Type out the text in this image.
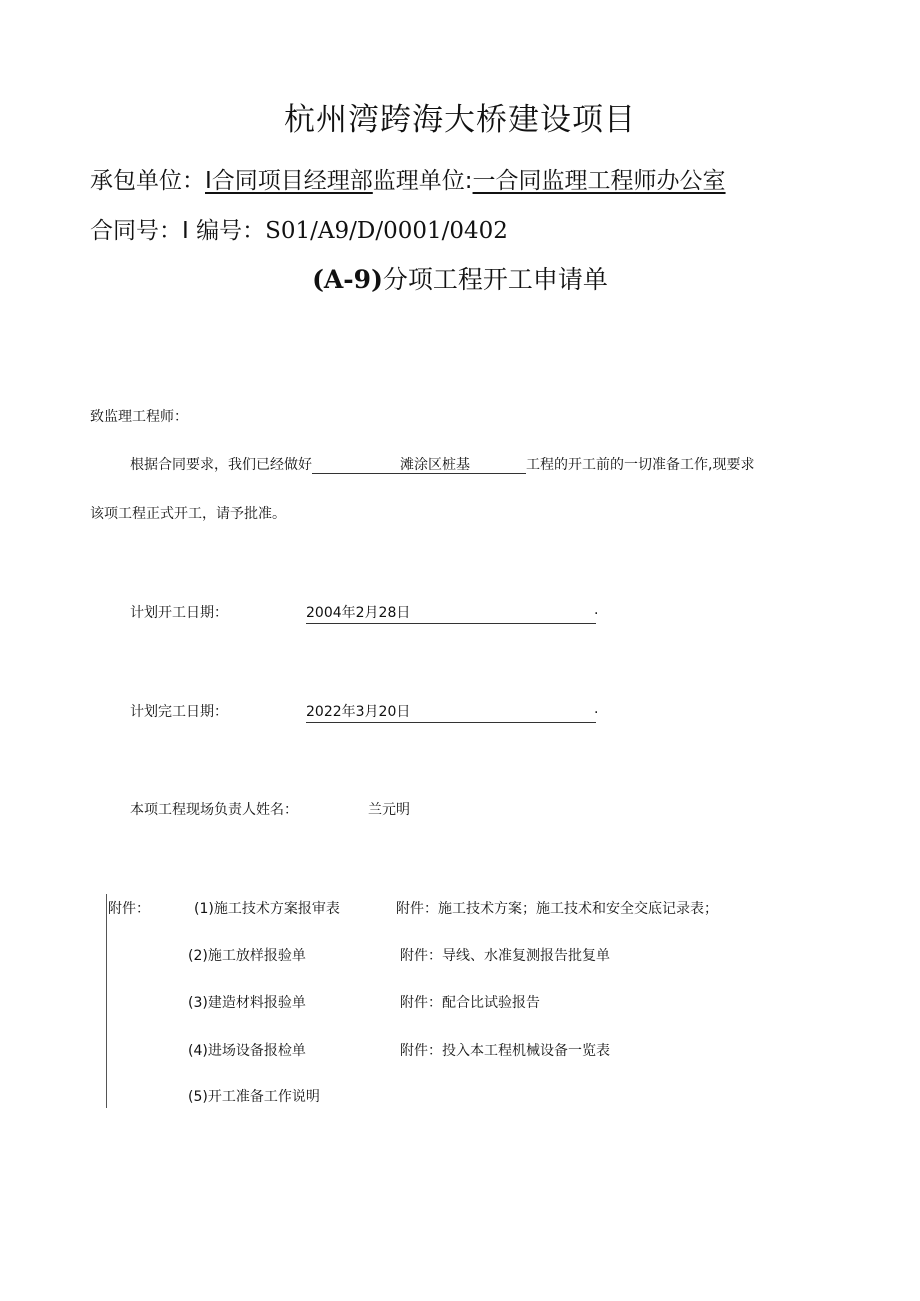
杭州湾跨海大桥建设项目
承包单位：Ⅰ合同项目经理部监理单位:一合同监理工程师办公室
合同号：Ⅰ 编号：S01/A9/D/0001/0402
(A-9)分项工程开工申请单
致监理工程师：
根据合同要求，我们已经做好	滩涂区桩基	工程的开工前的一切准备工作,现要求
该项工程正式开工，请予批准。
计划开工日期：	2004年2月28日	.
计划完工日期：	2022年3月20日	.
本项工程现场负责人姓名：	兰元明
附件：	(1)施工技术方案报审表	附件：施工技术方案；施工技术和安全交底记录表；
(2)施工放样报验单	附件：导线、水准复测报告批复单
(3)建造材料报验单	附件：配合比试验报告
(4)进场设备报检单	附件：投入本工程机械设备一览表
(5)开工准备工作说明
